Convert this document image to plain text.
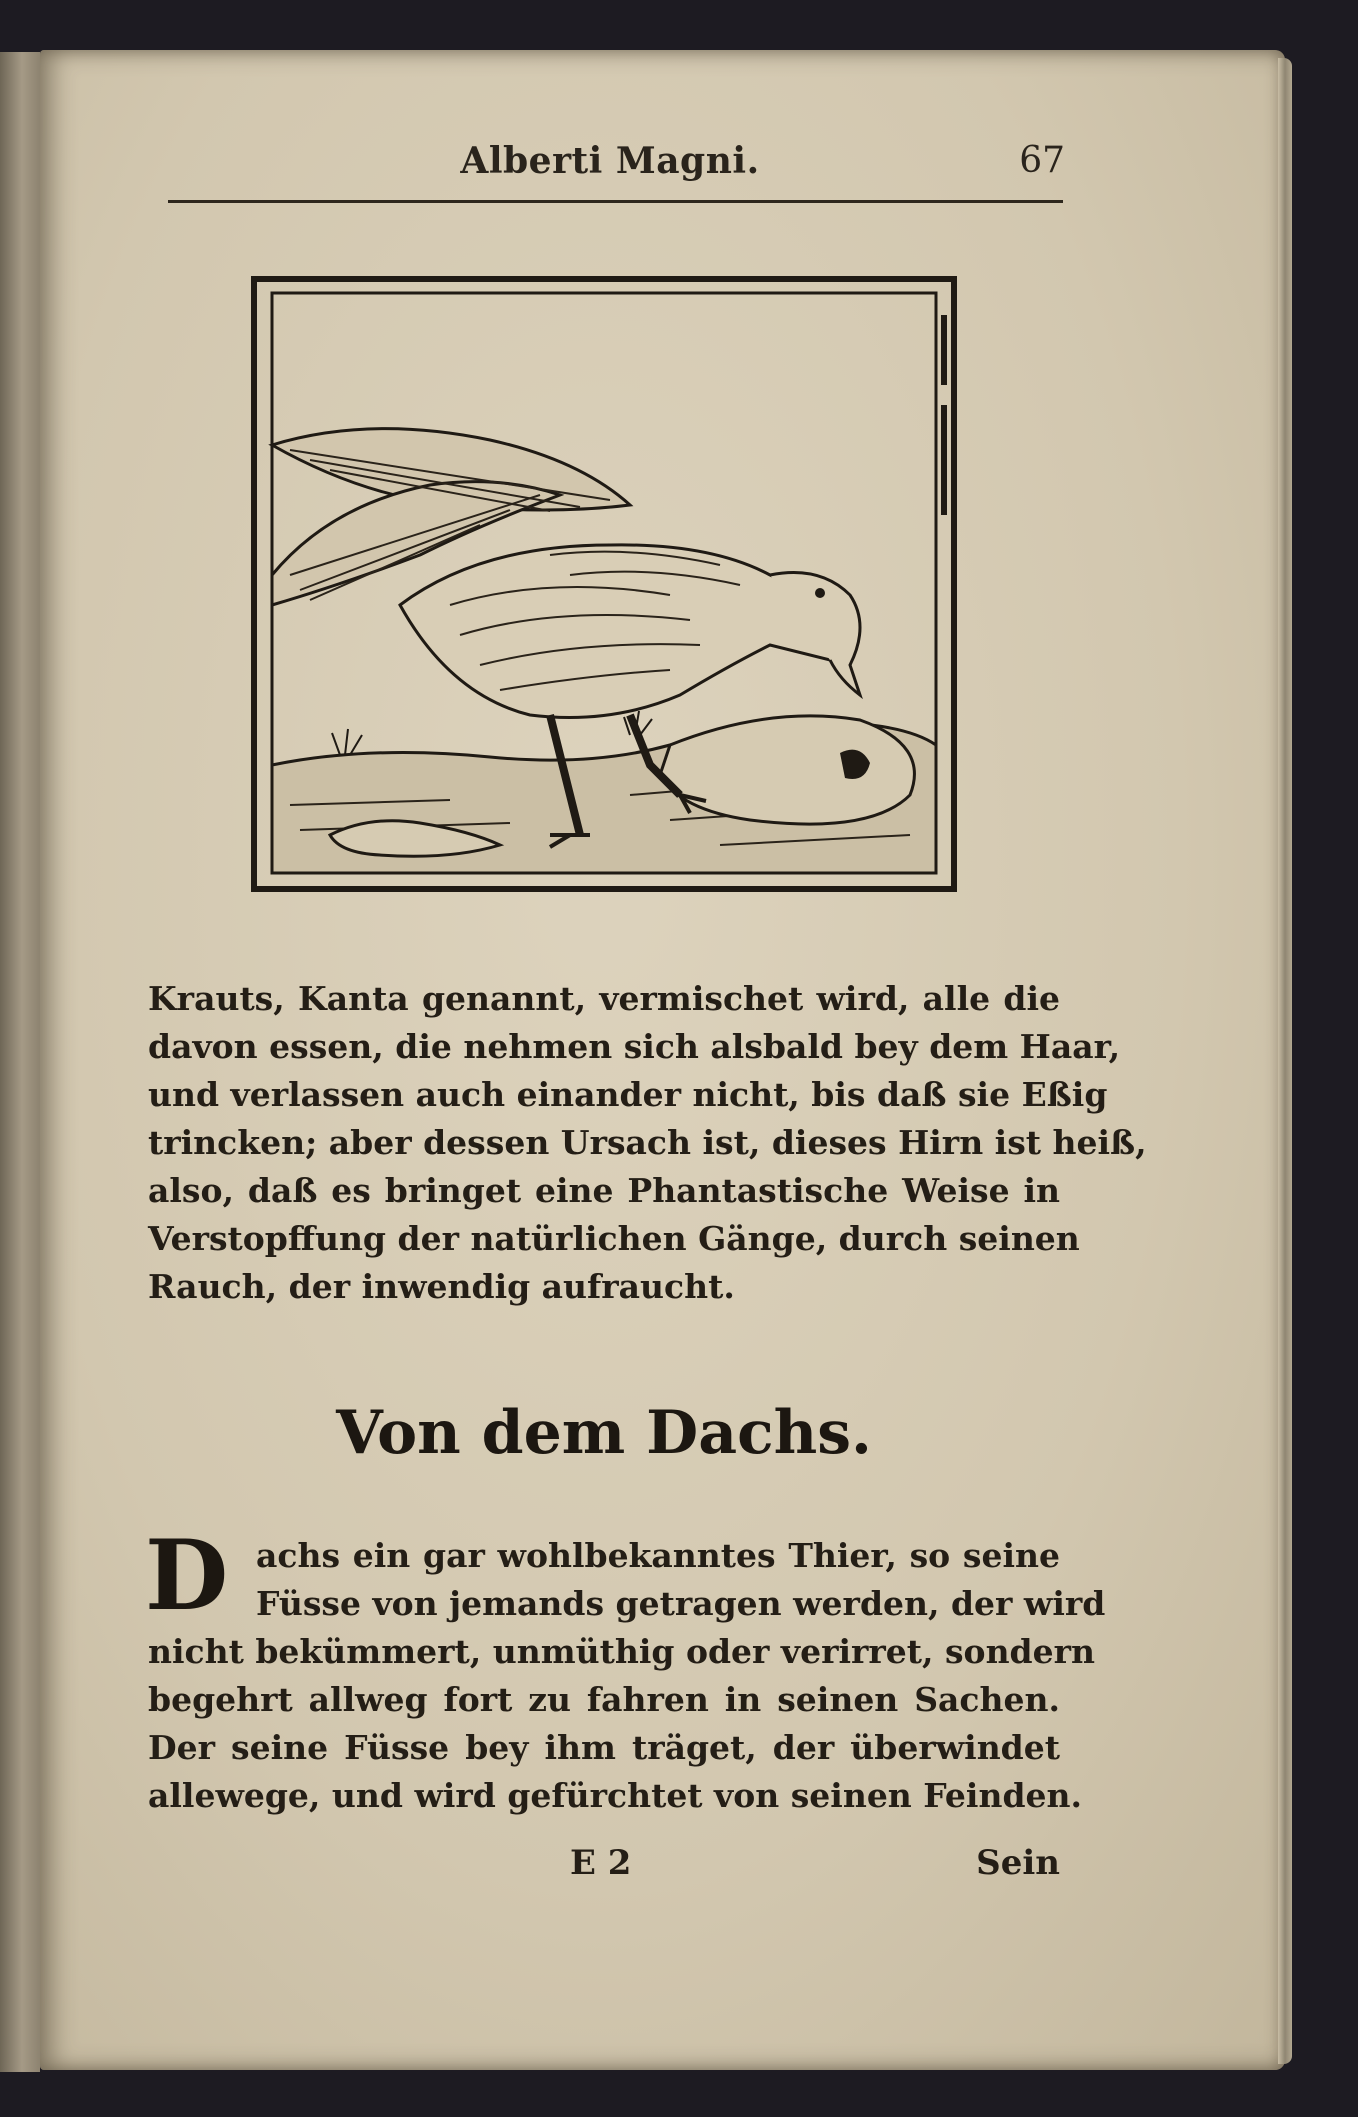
Alberti Magni.	67
Krauts, Kanta genannt, vermischet wird, alle die
davon essen, die nehmen sich alsbald bey dem Haar,
und verlassen auch einander nicht, bis daß sie Eßig
trincken; aber dessen Ursach ist, dieses Hirn ist heiß,
also, daß es bringet eine Phantastische Weise in
Verstopffung der natürlichen Gänge, durch seinen
Rauch, der inwendig aufraucht.
Von dem Dachs.
D achs ein gar wohlbekanntes Thier, so seine
Füsse von jemands getragen werden, der wird
nicht bekümmert, unmüthig oder verirret, sondern
begehrt allweg fort zu fahren in seinen Sachen.
Der seine Füsse bey ihm träget, der überwindet
allewege, und wird gefürchtet von seinen Feinden.
E 2	Sein
